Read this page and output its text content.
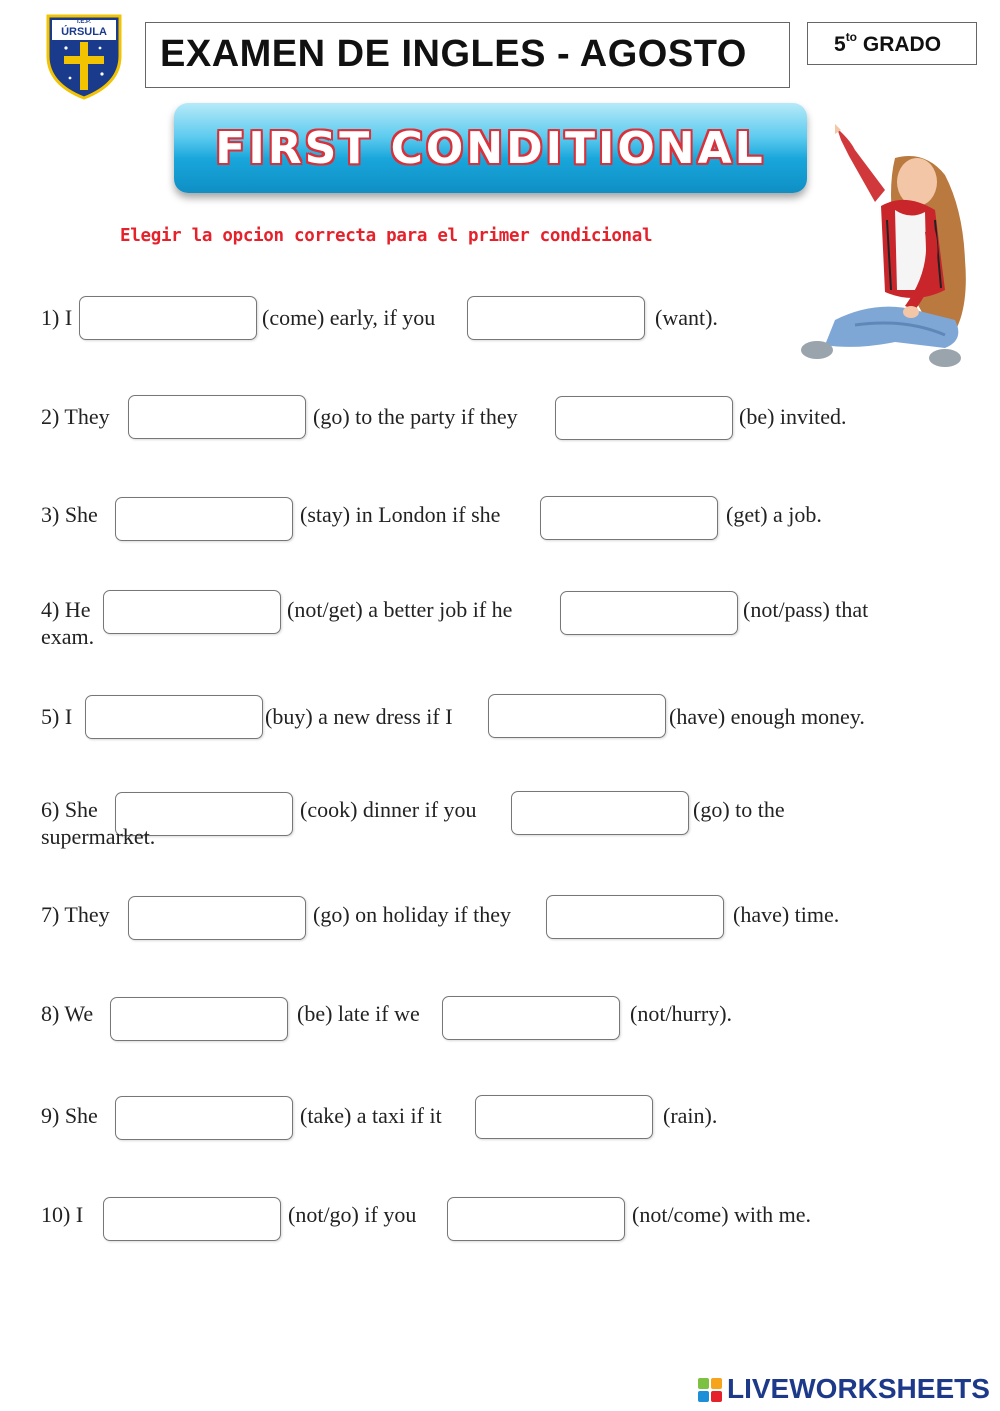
I.E.P.
ÚRSULA
EXAMEN DE INGLES - AGOSTO	$5^{to}$ GRADO
FIRST CONDITIONAL
Elegir la opcion correcta para el primer condicional
1) I	(come) early, if you	(want).
2) They	(go) to the party if they	(be) invited.
3) She	(stay) in London if she	(get) a job.
4) He	(not/get) a better job if he	(not/pass) that
exam.
5) I	(buy) a new dress if I	(have) enough money.
6) She	(cook) dinner if you	(go) to the
supermarket.
7) They	(go) on holiday if they	(have) time.
8) We	(be) late if we	(not/hurry).
9) She	(take) a taxi if it	(rain).
10) I	(not/go) if you	(not/come) with me.
LIVEWORKSHEETS
